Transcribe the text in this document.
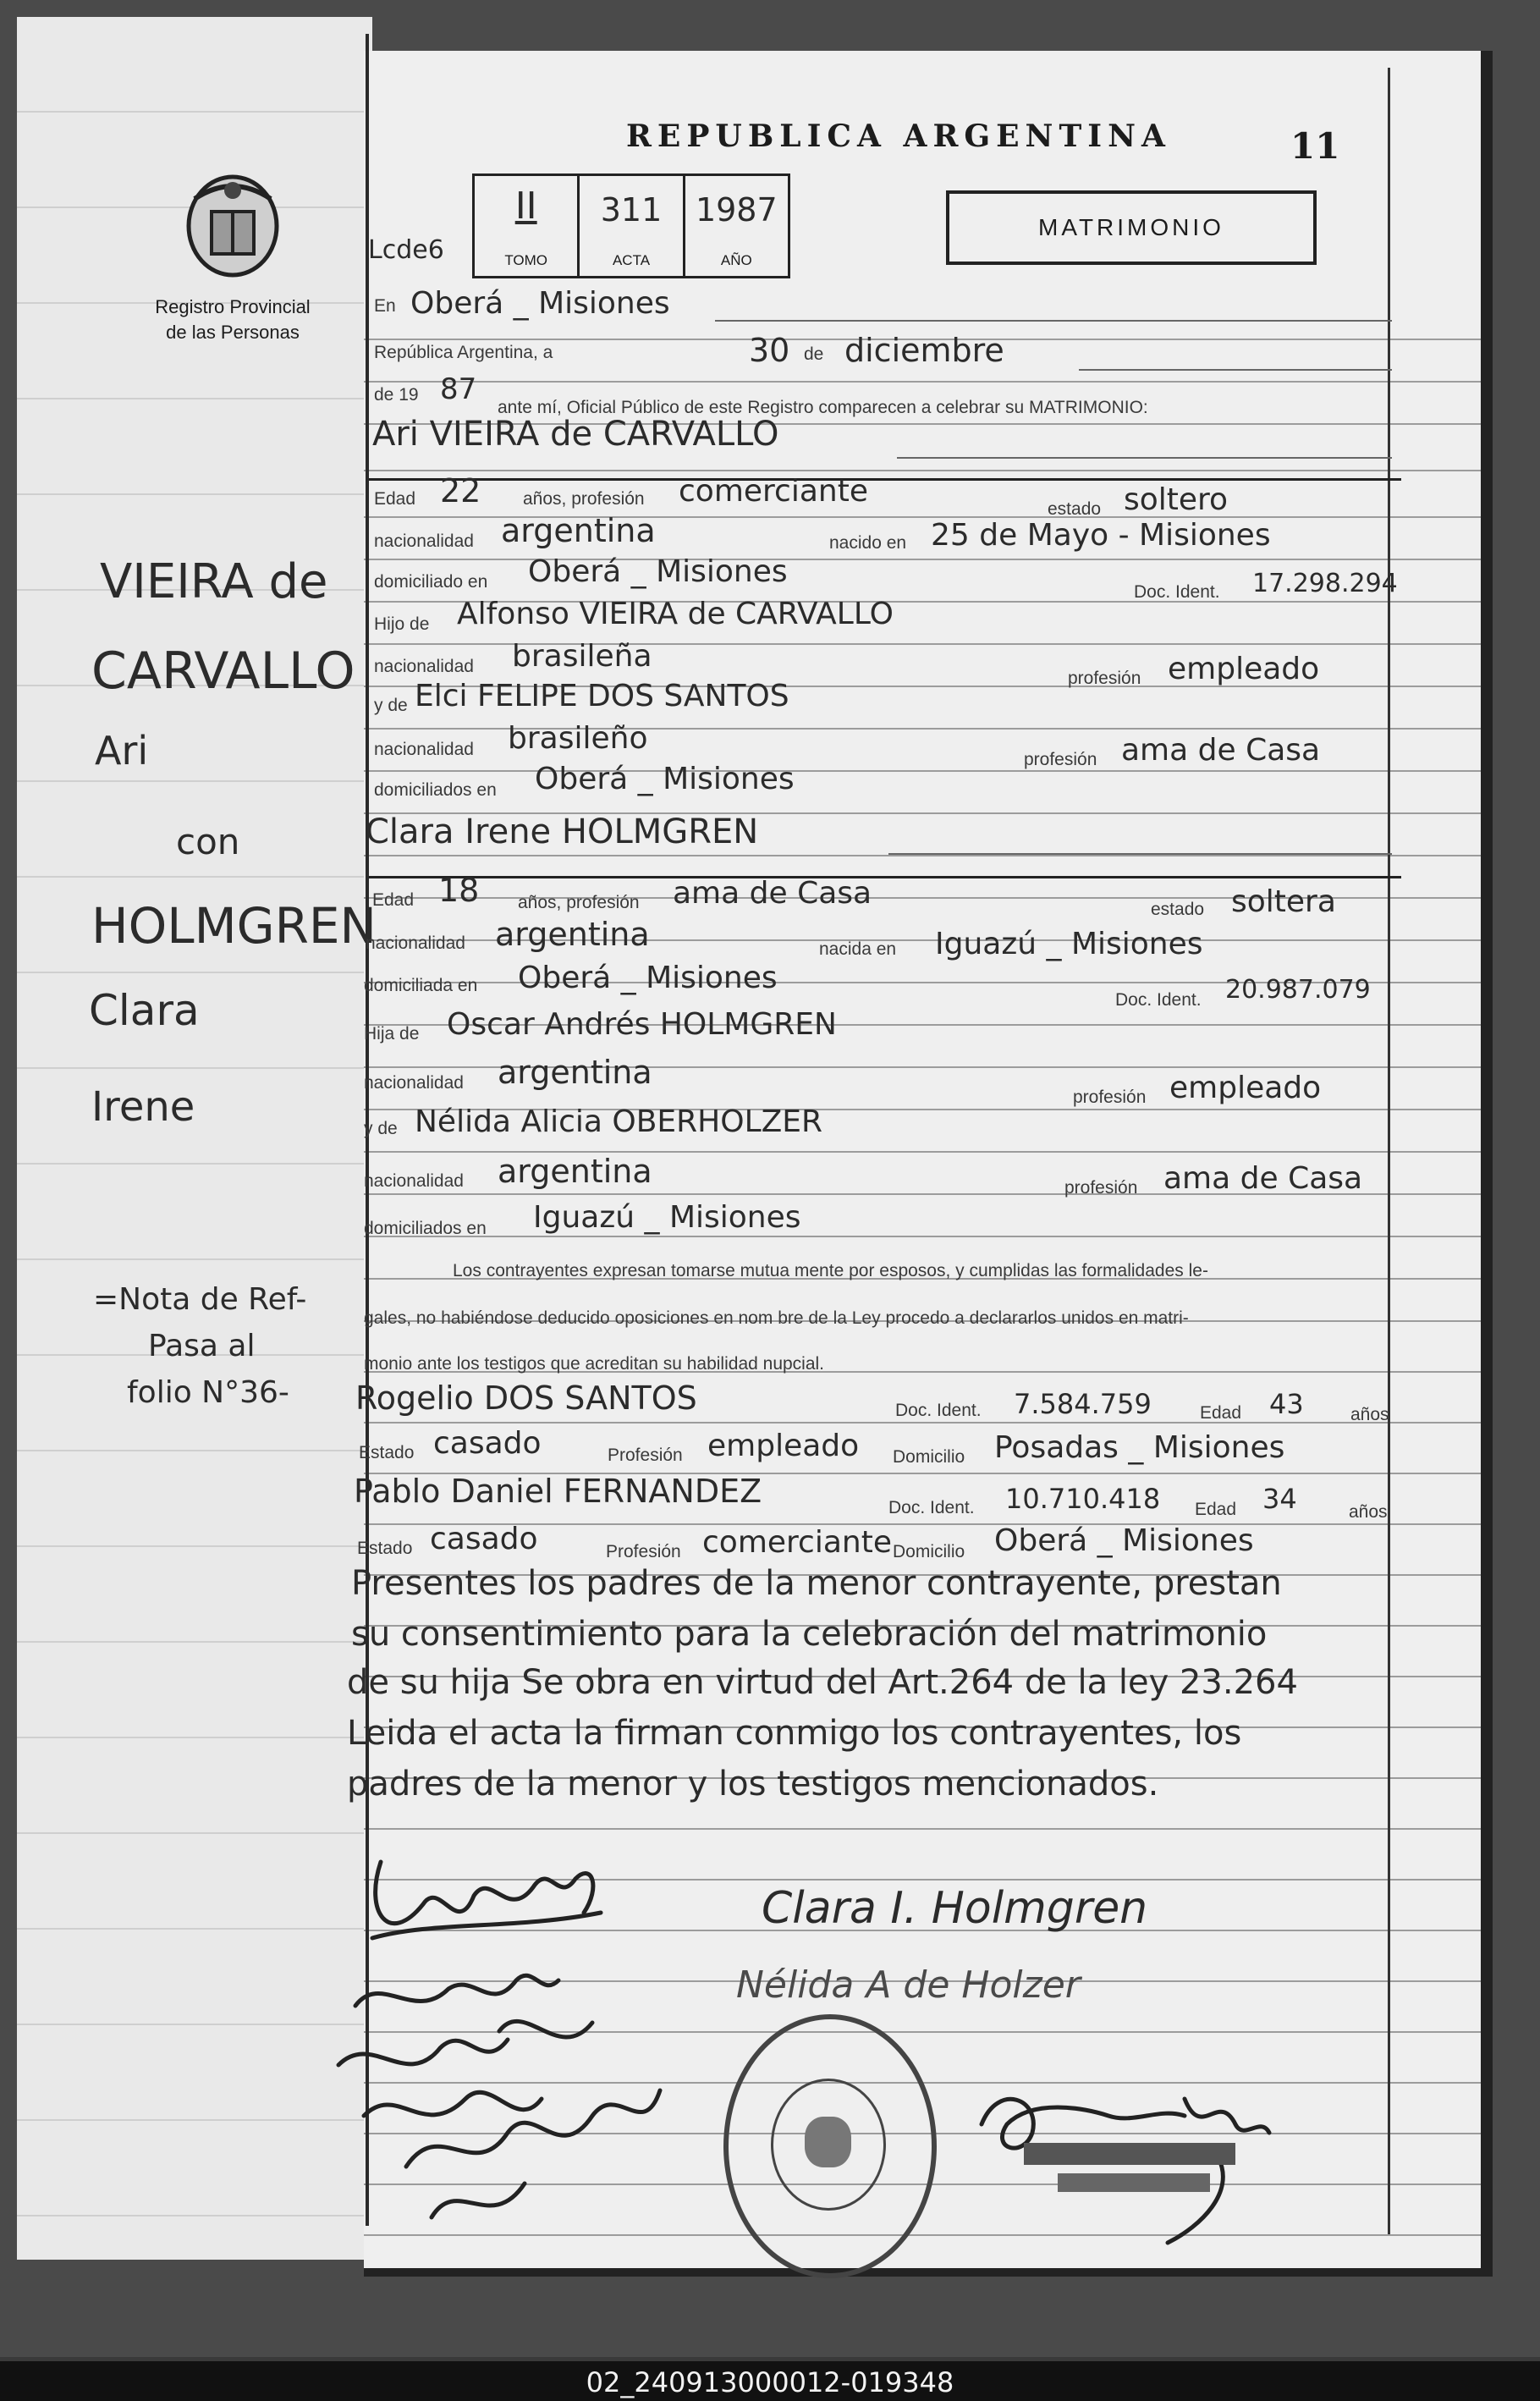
REPUBLICA ARGENTINA	11
Registro Provincial
de las Personas
Lcde6
II
TOMO
311
ACTA
1987
AÑO
MATRIMONIO
VIEIRA de
CARVALLO
Ari
con
HOLMGREN
Clara
Irene
=Nota de Ref-
Pasa al
folio N°36-
En Oberá _ Misiones
República Argentina, a	30 de diciembre
de 19 87
ante mí, Oficial Público de este Registro comparecen a celebrar su MATRIMONIO:
Ari VIEIRA de CARVALLO
Edad 22 años, profesión comerciante
estado soltero
nacionalidad argentina	nacido en 25 de Mayo - Misiones
domiciliado en Oberá _ Misiones
Doc. Ident. 17.298.294
Hijo de Alfonso VIEIRA de CARVALLO
nacionalidad brasileña
profesión empleado
y de Elci FELIPE DOS SANTOS
nacionalidad brasileño
profesión ama de Casa
domiciliados en Oberá _ Misiones
Clara Irene HOLMGREN
Edad 18 años, profesión ama de Casa	estado soltera
nacionalidad argentina	nacida en Iguazú _ Misiones
domiciliada en Oberá _ Misiones
Doc. Ident. 20.987.079
Hija de Oscar Andrés HOLMGREN
nacionalidad argentina
profesión empleado
y de Nélida Alicia OBERHOLZER
nacionalidad argentina	profesión ama de Casa
domiciliados en Iguazú _ Misiones
Los contrayentes expresan tomarse mutua mente por esposos, y cumplidas las formalidades le-
gales, no habiéndose deducido oposiciones en nom bre de la Ley procedo a declararlos unidos en matri-
monio ante los testigos que acreditan su habilidad nupcial.
Rogelio DOS SANTOS	Doc. Ident. 7.584.759	Edad 43	años
Estado casado	Profesión empleado Domicilio Posadas _ Misiones
Pablo Daniel FERNANDEZ	Doc. Ident. 10.710.418 Edad 34	años
Estado casado	Profesión comerciante Domicilio Oberá _ Misiones
Presentes los padres de la menor contrayente, prestan
su consentimiento para la celebración del matrimonio
de su hija Se obra en virtud del Art.264 de la ley 23.264
Leida el acta la firman conmigo los contrayentes, los
padres de la menor y los testigos mencionados.
Clara I. Holmgren
Nélida A de Holzer
02_240913000012-019348
